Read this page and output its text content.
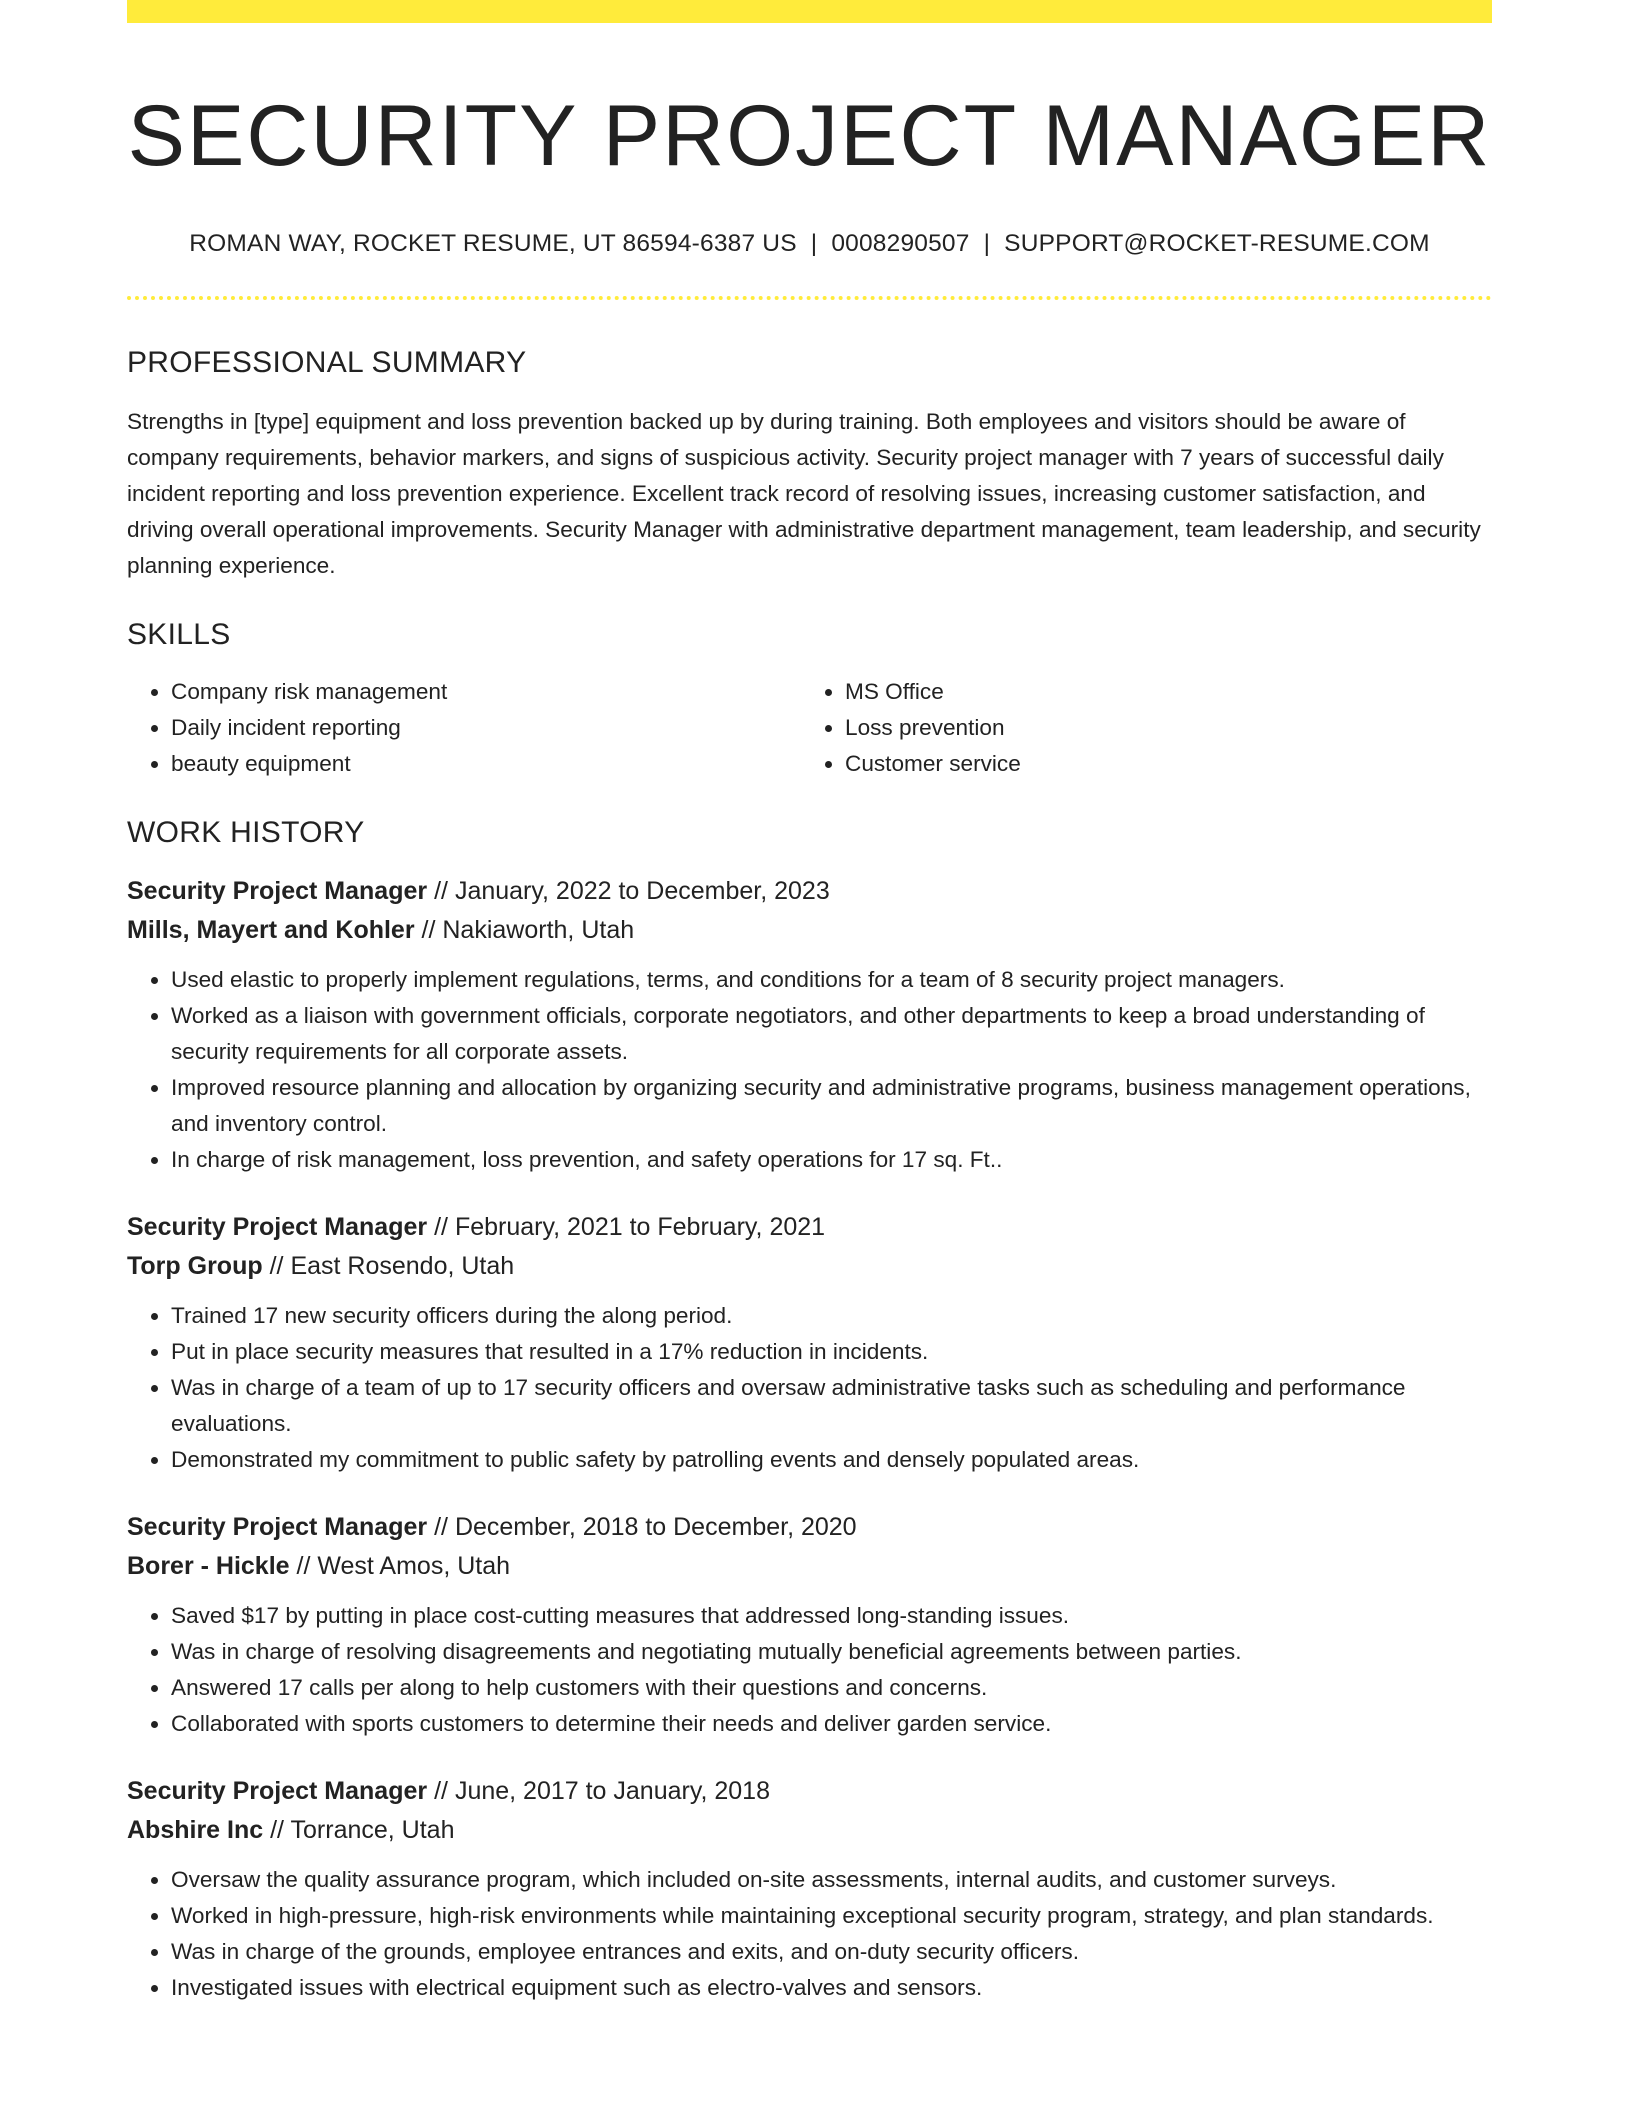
SECURITY PROJECT MANAGER
ROMAN WAY, ROCKET RESUME, UT 86594-6387 US | 0008290507 | SUPPORT@ROCKET-RESUME.COM
PROFESSIONAL SUMMARY
Strengths in [type] equipment and loss prevention backed up by during training. Both employees and visitors should be aware of company requirements, behavior markers, and signs of suspicious activity. Security project manager with 7 years of successful daily incident reporting and loss prevention experience. Excellent track record of resolving issues, increasing customer satisfaction, and driving overall operational improvements. Security Manager with administrative department management, team leadership, and security planning experience.
SKILLS
• Company risk management
• Daily incident reporting
• beauty equipment
• MS Office
• Loss prevention
• Customer service
WORK HISTORY
Security Project Manager // January, 2022 to December, 2023
Mills, Mayert and Kohler // Nakiaworth, Utah
• Used elastic to properly implement regulations, terms, and conditions for a team of 8 security project managers.
• Worked as a liaison with government officials, corporate negotiators, and other departments to keep a broad understanding of security requirements for all corporate assets.
• Improved resource planning and allocation by organizing security and administrative programs, business management operations, and inventory control.
• In charge of risk management, loss prevention, and safety operations for 17 sq. Ft..
Security Project Manager // February, 2021 to February, 2021
Torp Group // East Rosendo, Utah
• Trained 17 new security officers during the along period.
• Put in place security measures that resulted in a 17% reduction in incidents.
• Was in charge of a team of up to 17 security officers and oversaw administrative tasks such as scheduling and performance evaluations.
• Demonstrated my commitment to public safety by patrolling events and densely populated areas.
Security Project Manager // December, 2018 to December, 2020
Borer - Hickle // West Amos, Utah
• Saved $17 by putting in place cost-cutting measures that addressed long-standing issues.
• Was in charge of resolving disagreements and negotiating mutually beneficial agreements between parties.
• Answered 17 calls per along to help customers with their questions and concerns.
• Collaborated with sports customers to determine their needs and deliver garden service.
Security Project Manager // June, 2017 to January, 2018
Abshire Inc // Torrance, Utah
• Oversaw the quality assurance program, which included on-site assessments, internal audits, and customer surveys.
• Worked in high-pressure, high-risk environments while maintaining exceptional security program, strategy, and plan standards.
• Was in charge of the grounds, employee entrances and exits, and on-duty security officers.
• Investigated issues with electrical equipment such as electro-valves and sensors.
